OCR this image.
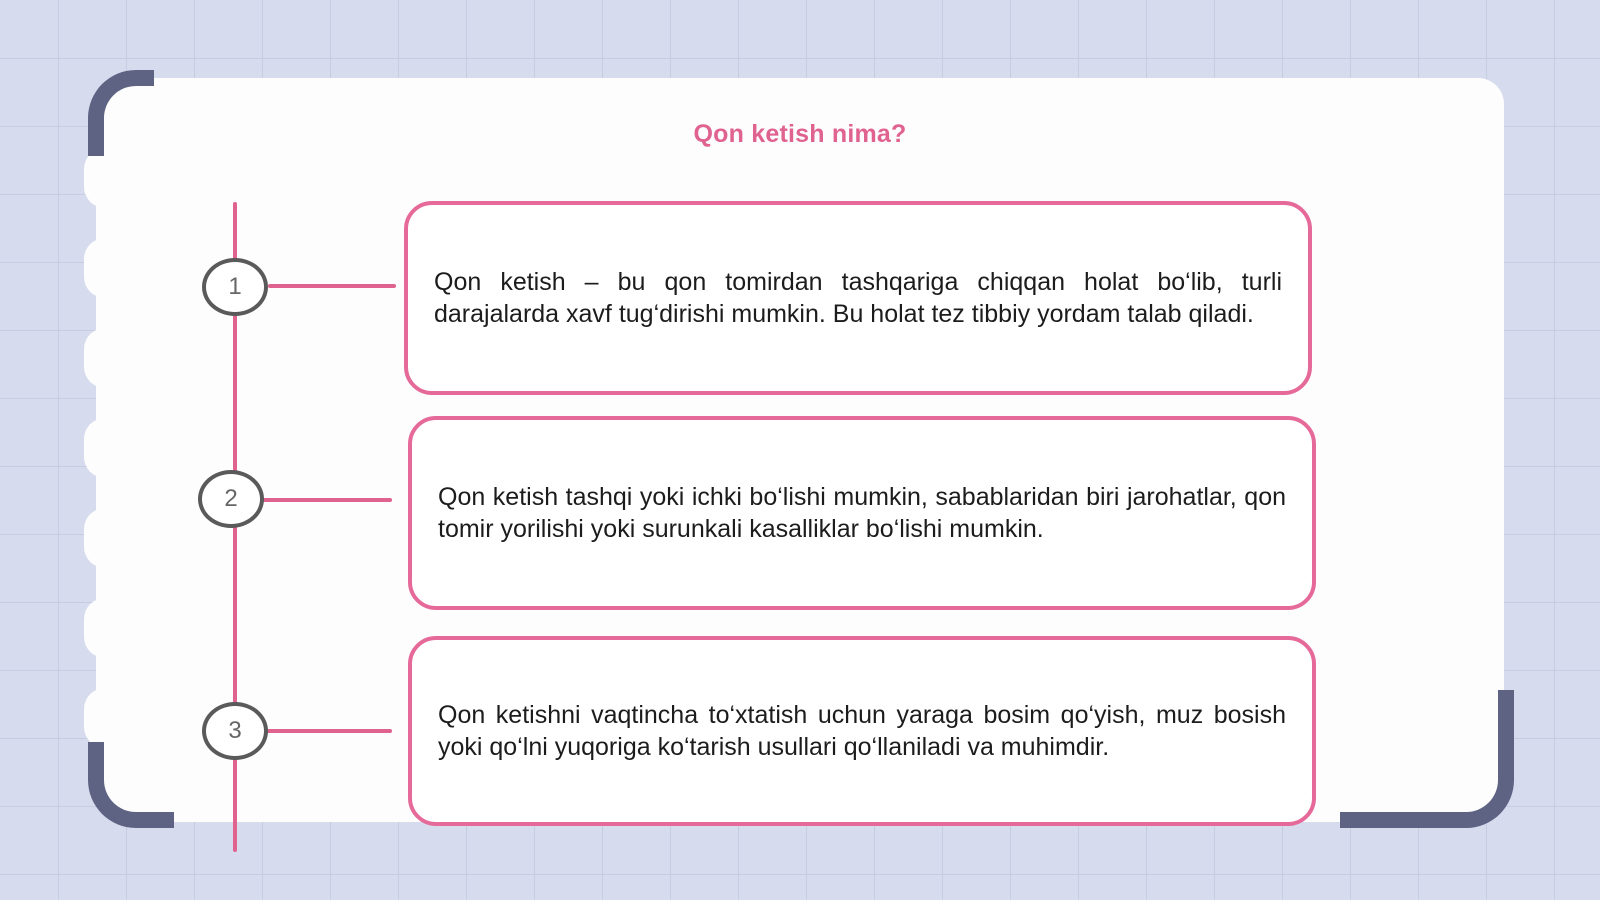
Qon ketish nima?
1	Qon ketish – bu qon tomirdan tashqariga chiqqan holat bo‘lib, turli darajalarda xavf tug‘dirishi mumkin. Bu holat tez tibbiy yordam talab qiladi.

2	Qon ketish tashqi yoki ichki bo‘lishi mumkin, sabablaridan biri jarohatlar, qon tomir yorilishi yoki surunkali kasalliklar bo‘lishi mumkin.

3

Qon ketishni vaqtincha to‘xtatish uchun yaraga bosim qo‘yish, muz bosish yoki qo‘lni yuqoriga ko‘tarish usullari qo‘llaniladi va muhimdir.
